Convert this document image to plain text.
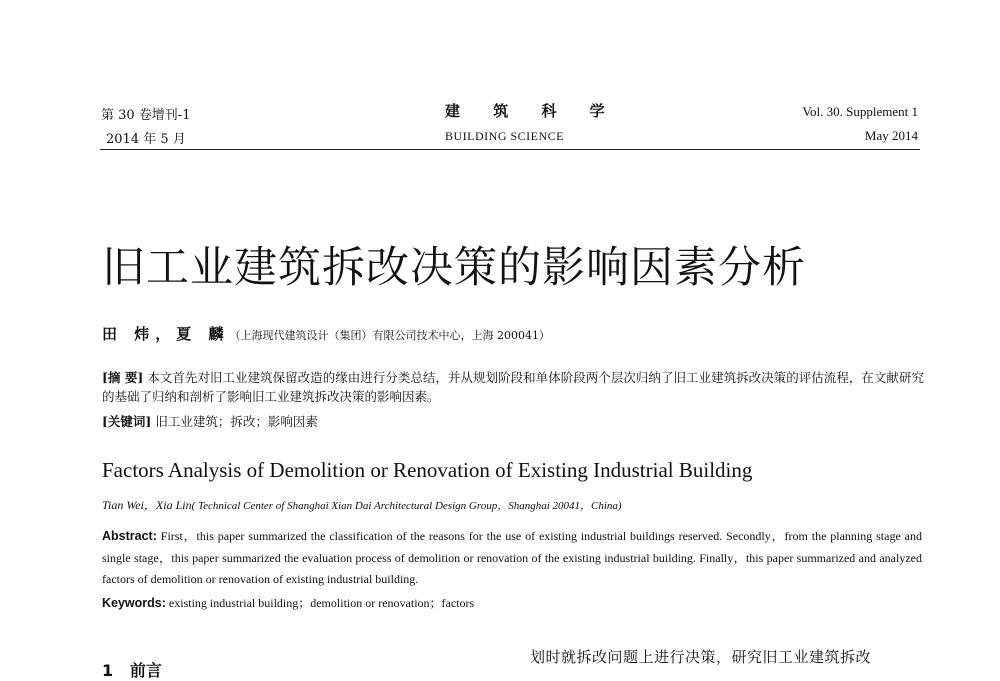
第 30 卷增刊-1
2014 年 5 月
建 筑 科 学
BUILDING SCIENCE
Vol. 30. Supplement 1
May 2014
旧工业建筑拆改决策的影响因素分析
田 炜，夏 麟（上海现代建筑设计（集团）有限公司技术中心，上海 200041）
[摘 要] 本文首先对旧工业建筑保留改造的缘由进行分类总结，并从规划阶段和单体阶段两个层次归纳了旧工业建筑拆改决策的评估流程，在文献研究的基础了归纳和剖析了影响旧工业建筑拆改决策的影响因素。
[关键词] 旧工业建筑；拆改；影响因素
Factors Analysis of Demolition or Renovation of Existing Industrial Building
Tian Wei，Xia Lin( Technical Center of Shanghai Xian Dai Architectural Design Group，Shanghai 20041，China)
Abstract: First，this paper summarized the classification of the reasons for the use of existing industrial buildings reserved. Secondly，from the planning stage and single stage，this paper summarized the evaluation process of demolition or renovation of the existing industrial building. Finally，this paper summarized and analyzed factors of demolition or renovation of existing industrial building.
Keywords: existing industrial building；demolition or renovation；factors
1 前言
划时就拆改问题上进行决策，研究旧工业建筑拆改
